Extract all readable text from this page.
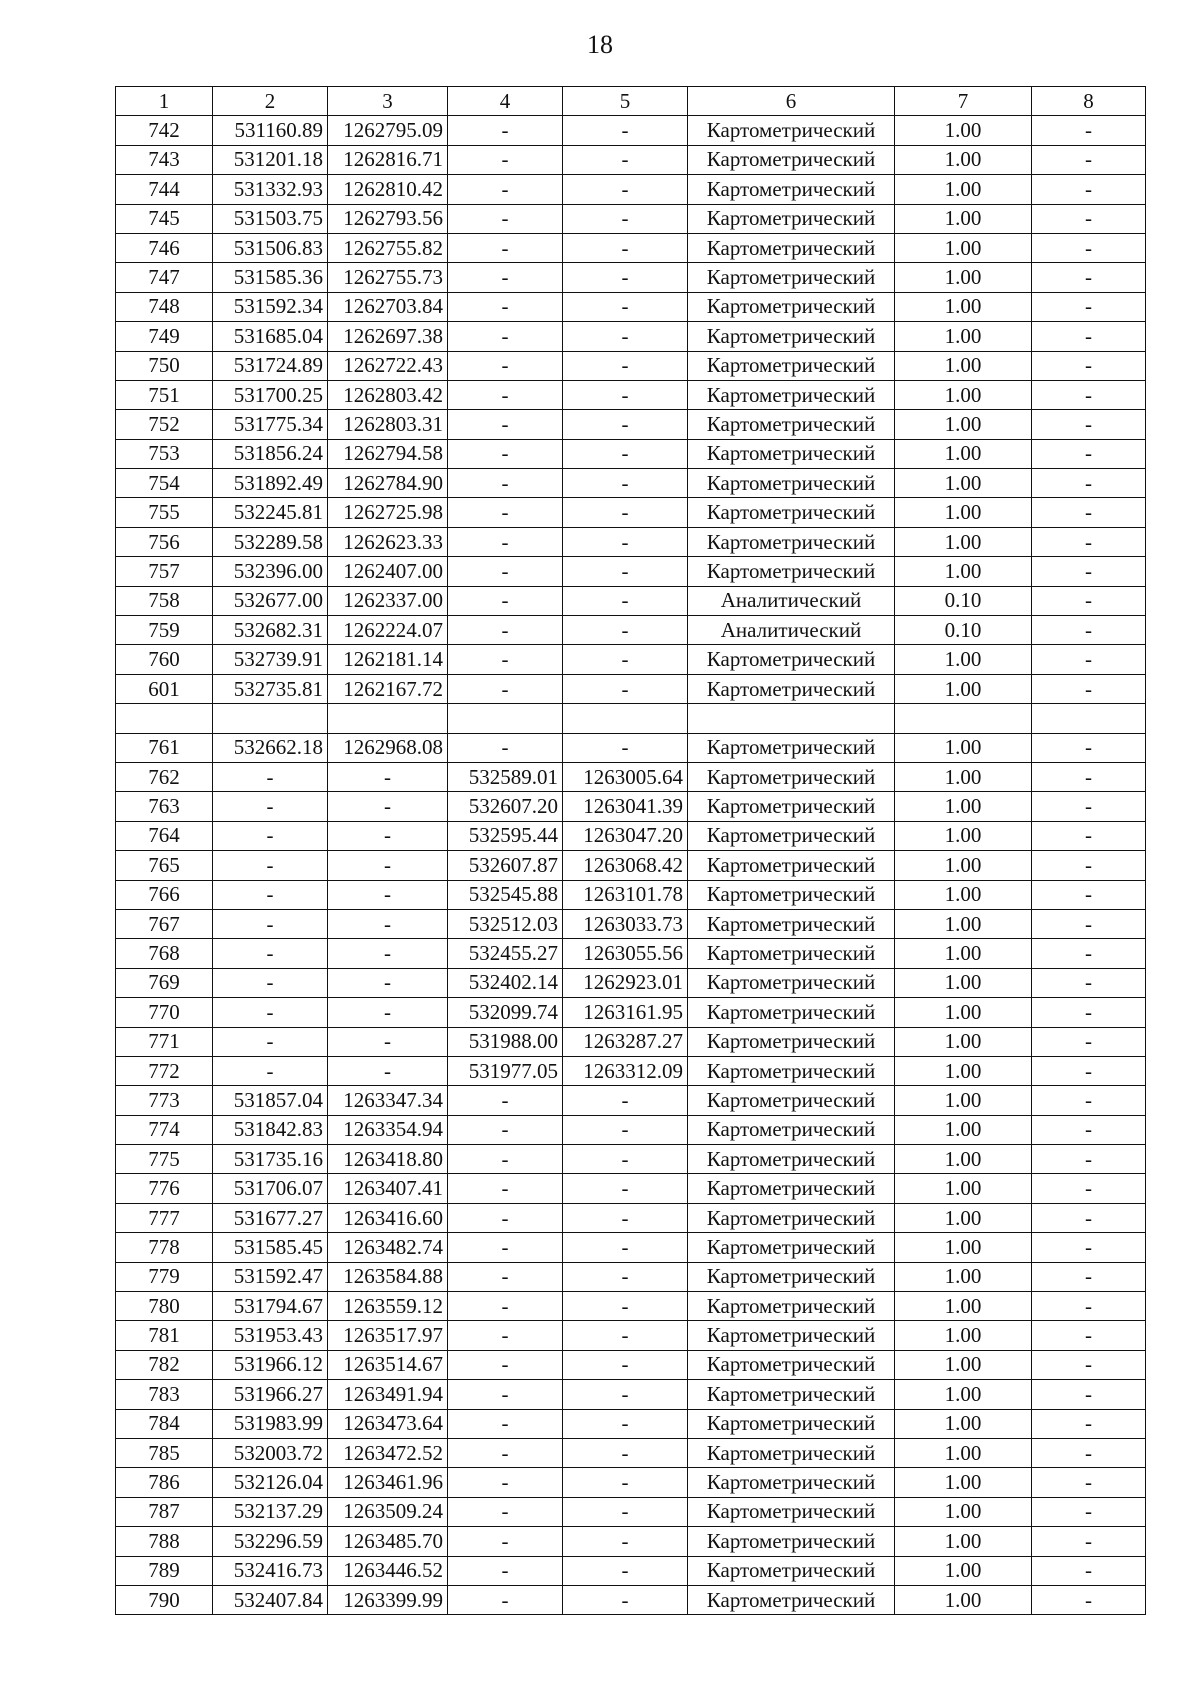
18
1	2	3	4	5	6	7	8
742	531160.89	1262795.09	-	-	Картометрический	1.00	-
743	531201.18	1262816.71	-	-	Картометрический	1.00	-
744	531332.93	1262810.42	-	-	Картометрический	1.00	-
745	531503.75	1262793.56	-	-	Картометрический	1.00	-
746	531506.83	1262755.82	-	-	Картометрический	1.00	-
747	531585.36	1262755.73	-	-	Картометрический	1.00	-
748	531592.34	1262703.84	-	-	Картометрический	1.00	-
749	531685.04	1262697.38	-	-	Картометрический	1.00	-
750	531724.89	1262722.43	-	-	Картометрический	1.00	-
751	531700.25	1262803.42	-	-	Картометрический	1.00	-
752	531775.34	1262803.31	-	-	Картометрический	1.00	-
753	531856.24	1262794.58	-	-	Картометрический	1.00	-
754	531892.49	1262784.90	-	-	Картометрический	1.00	-
755	532245.81	1262725.98	-	-	Картометрический	1.00	-
756	532289.58	1262623.33	-	-	Картометрический	1.00	-
757	532396.00	1262407.00	-	-	Картометрический	1.00	-
758	532677.00	1262337.00	-	-	Аналитический	0.10	-
759	532682.31	1262224.07	-	-	Аналитический	0.10	-
760	532739.91	1262181.14	-	-	Картометрический	1.00	-
601	532735.81	1262167.72	-	-	Картометрический	1.00	-

761	532662.18	1262968.08	-	-	Картометрический	1.00	-
762	-	-	532589.01	1263005.64	Картометрический	1.00	-
763	-	-	532607.20	1263041.39	Картометрический	1.00	-
764	-	-	532595.44	1263047.20	Картометрический	1.00	-
765	-	-	532607.87	1263068.42	Картометрический	1.00	-
766	-	-	532545.88	1263101.78	Картометрический	1.00	-
767	-	-	532512.03	1263033.73	Картометрический	1.00	-
768	-	-	532455.27	1263055.56	Картометрический	1.00	-
769	-	-	532402.14	1262923.01	Картометрический	1.00	-
770	-	-	532099.74	1263161.95	Картометрический	1.00	-
771	-	-	531988.00	1263287.27	Картометрический	1.00	-
772	-	-	531977.05	1263312.09	Картометрический	1.00	-
773	531857.04	1263347.34	-	-	Картометрический	1.00	-
774	531842.83	1263354.94	-	-	Картометрический	1.00	-
775	531735.16	1263418.80	-	-	Картометрический	1.00	-
776	531706.07	1263407.41	-	-	Картометрический	1.00	-
777	531677.27	1263416.60	-	-	Картометрический	1.00	-
778	531585.45	1263482.74	-	-	Картометрический	1.00	-
779	531592.47	1263584.88	-	-	Картометрический	1.00	-
780	531794.67	1263559.12	-	-	Картометрический	1.00	-
781	531953.43	1263517.97	-	-	Картометрический	1.00	-
782	531966.12	1263514.67	-	-	Картометрический	1.00	-
783	531966.27	1263491.94	-	-	Картометрический	1.00	-
784	531983.99	1263473.64	-	-	Картометрический	1.00	-
785	532003.72	1263472.52	-	-	Картометрический	1.00	-
786	532126.04	1263461.96	-	-	Картометрический	1.00	-
787	532137.29	1263509.24	-	-	Картометрический	1.00	-
788	532296.59	1263485.70	-	-	Картометрический	1.00	-
789	532416.73	1263446.52	-	-	Картометрический	1.00	-
790	532407.84	1263399.99	-	-	Картометрический	1.00	-
